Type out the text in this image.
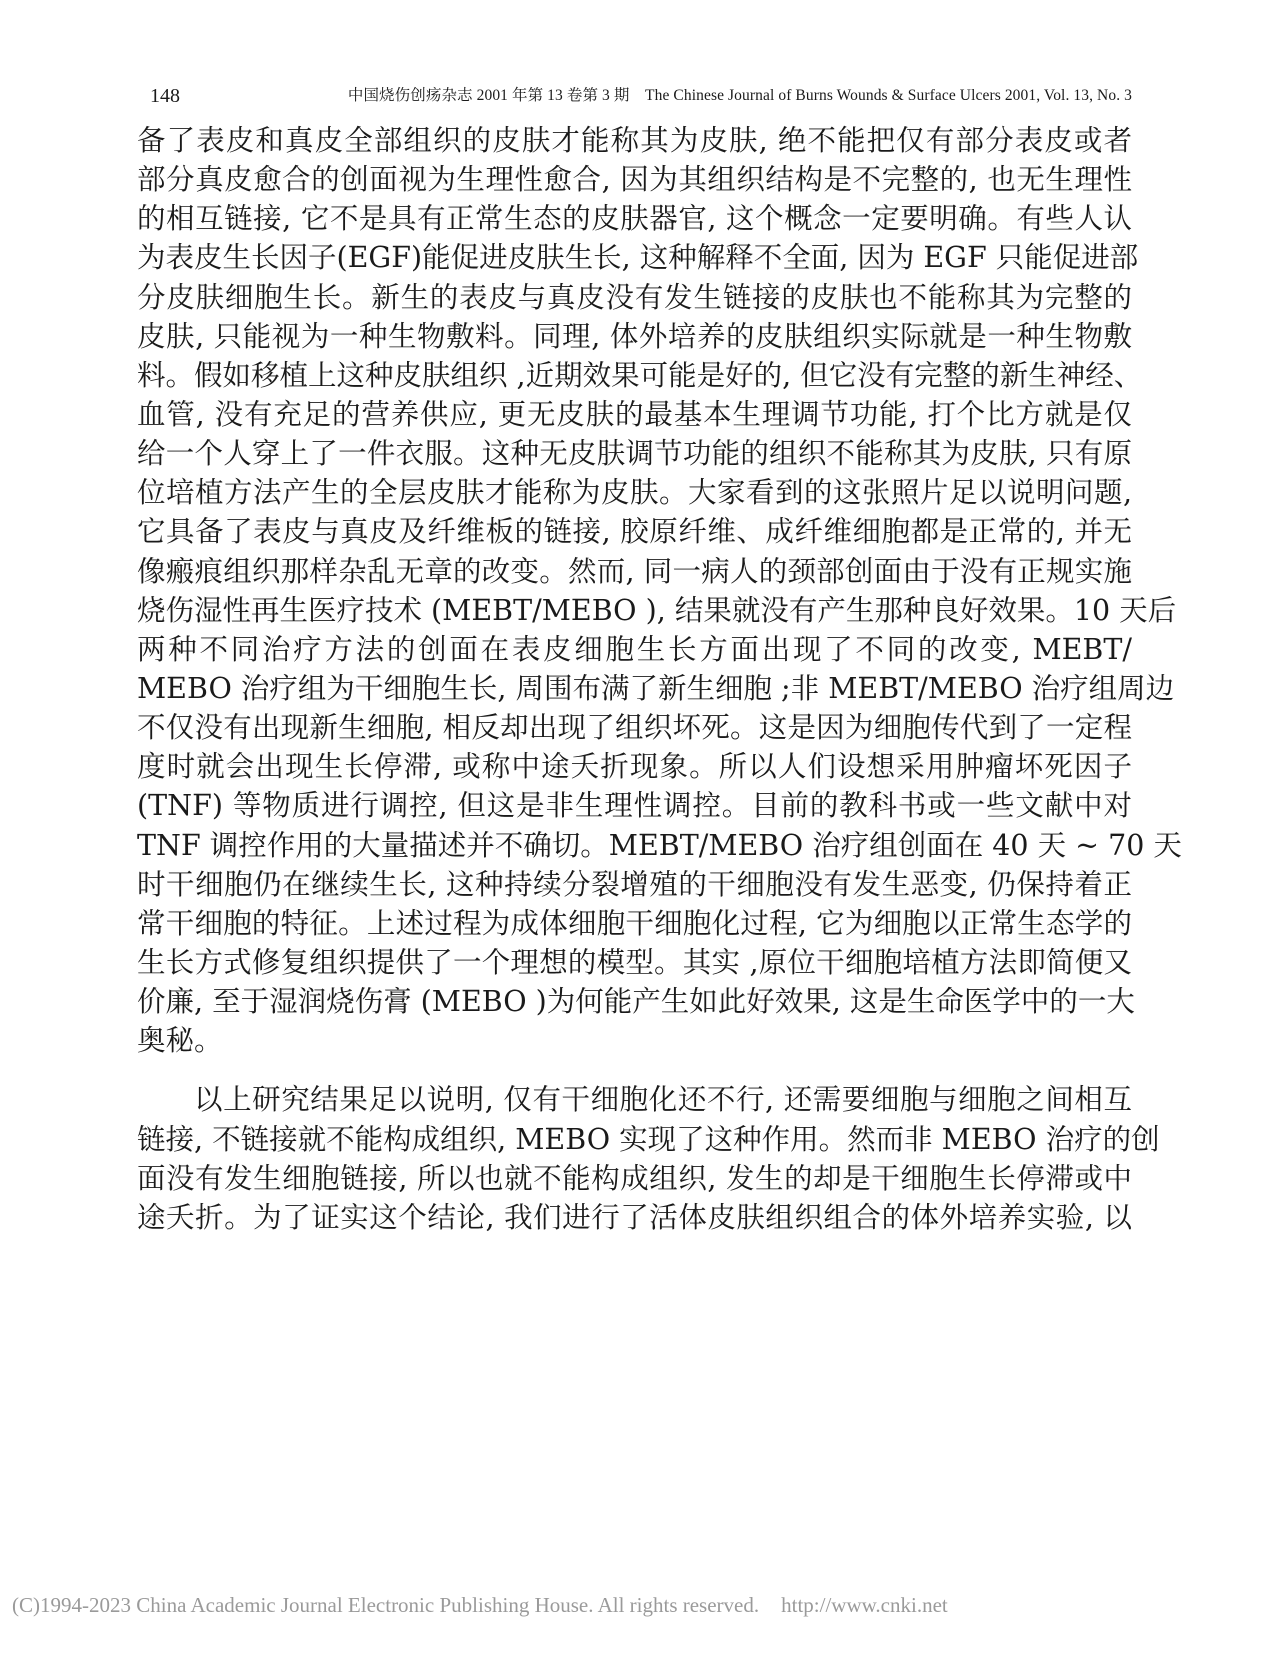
148	中国烧伤创疡杂志 2001 年第 13 卷第 3 期　The Chinese Journal of Burns Wounds & Surface Ulcers 2001, Vol. 13, No. 3
备了表皮和真皮全部组织的皮肤才能称其为皮肤, 绝不能把仅有部分表皮或者
部分真皮愈合的创面视为生理性愈合, 因为其组织结构是不完整的, 也无生理性
的相互链接, 它不是具有正常生态的皮肤器官, 这个概念一定要明确。有些人认
为表皮生长因子(EGF)能促进皮肤生长, 这种解释不全面, 因为 EGF 只能促进部
分皮肤细胞生长。新生的表皮与真皮没有发生链接的皮肤也不能称其为完整的
皮肤, 只能视为一种生物敷料。同理, 体外培养的皮肤组织实际就是一种生物敷
料。假如移植上这种皮肤组织 ,近期效果可能是好的, 但它没有完整的新生神经、
血管, 没有充足的营养供应, 更无皮肤的最基本生理调节功能, 打个比方就是仅
给一个人穿上了一件衣服。这种无皮肤调节功能的组织不能称其为皮肤, 只有原
位培植方法产生的全层皮肤才能称为皮肤。大家看到的这张照片足以说明问题,
它具备了表皮与真皮及纤维板的链接, 胶原纤维、成纤维细胞都是正常的, 并无
像瘢痕组织那样杂乱无章的改变。然而, 同一病人的颈部创面由于没有正规实施
烧伤湿性再生医疗技术 (MEBT/MEBO ), 结果就没有产生那种良好效果。10 天后
两种不同治疗方法的创面在表皮细胞生长方面出现了不同的改变, MEBT/
MEBO 治疗组为干细胞生长, 周围布满了新生细胞 ;非 MEBT/MEBO 治疗组周边
不仅没有出现新生细胞, 相反却出现了组织坏死。这是因为细胞传代到了一定程
度时就会出现生长停滞, 或称中途夭折现象。所以人们设想采用肿瘤坏死因子
(TNF) 等物质进行调控, 但这是非生理性调控。目前的教科书或一些文献中对
TNF 调控作用的大量描述并不确切。MEBT/MEBO 治疗组创面在 40 天 ~ 70 天
时干细胞仍在继续生长, 这种持续分裂增殖的干细胞没有发生恶变, 仍保持着正
常干细胞的特征。上述过程为成体细胞干细胞化过程, 它为细胞以正常生态学的
生长方式修复组织提供了一个理想的模型。其实 ,原位干细胞培植方法即简便又
价廉, 至于湿润烧伤膏 (MEBO )为何能产生如此好效果, 这是生命医学中的一大
奥秘。
以上研究结果足以说明, 仅有干细胞化还不行, 还需要细胞与细胞之间相互
链接, 不链接就不能构成组织, MEBO 实现了这种作用。然而非 MEBO 治疗的创
面没有发生细胞链接, 所以也就不能构成组织, 发生的却是干细胞生长停滞或中
途夭折。为了证实这个结论, 我们进行了活体皮肤组织组合的体外培养实验, 以
(C)1994-2023 China Academic Journal Electronic Publishing House. All rights reserved. http://www.cnki.net
